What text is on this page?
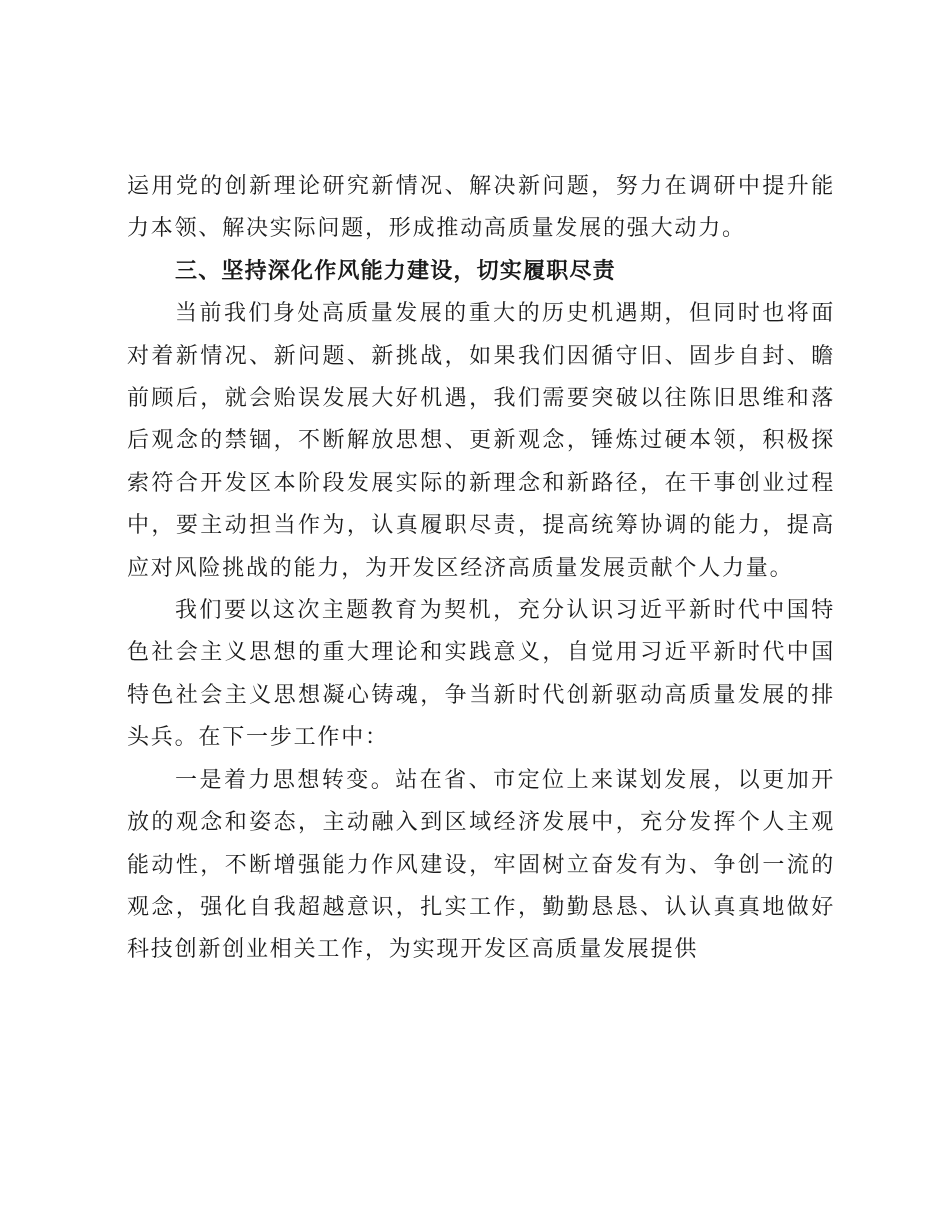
运用党的创新理论研究新情况、解决新问题，努力在调研中提升能力本领、解决实际问题，形成推动高质量发展的强大动力。

三、坚持深化作风能力建设，切实履职尽责

当前我们身处高质量发展的重大的历史机遇期，但同时也将面对着新情况、新问题、新挑战，如果我们因循守旧、固步自封、瞻前顾后，就会贻误发展大好机遇，我们需要突破以往陈旧思维和落后观念的禁锢，不断解放思想、更新观念，锤炼过硬本领，积极探索符合开发区本阶段发展实际的新理念和新路径，在干事创业过程中，要主动担当作为，认真履职尽责，提高统筹协调的能力，提高应对风险挑战的能力，为开发区经济高质量发展贡献个人力量。

我们要以这次主题教育为契机，充分认识习近平新时代中国特色社会主义思想的重大理论和实践意义，自觉用习近平新时代中国特色社会主义思想凝心铸魂，争当新时代创新驱动高质量发展的排头兵。在下一步工作中：

一是着力思想转变。站在省、市定位上来谋划发展，以更加开放的观念和姿态，主动融入到区域经济发展中，充分发挥个人主观能动性，不断增强能力作风建设，牢固树立奋发有为、争创一流的观念，强化自我超越意识，扎实工作，勤勤恳恳、认认真真地做好科技创新创业相关工作，为实现开发区高质量发展提供
